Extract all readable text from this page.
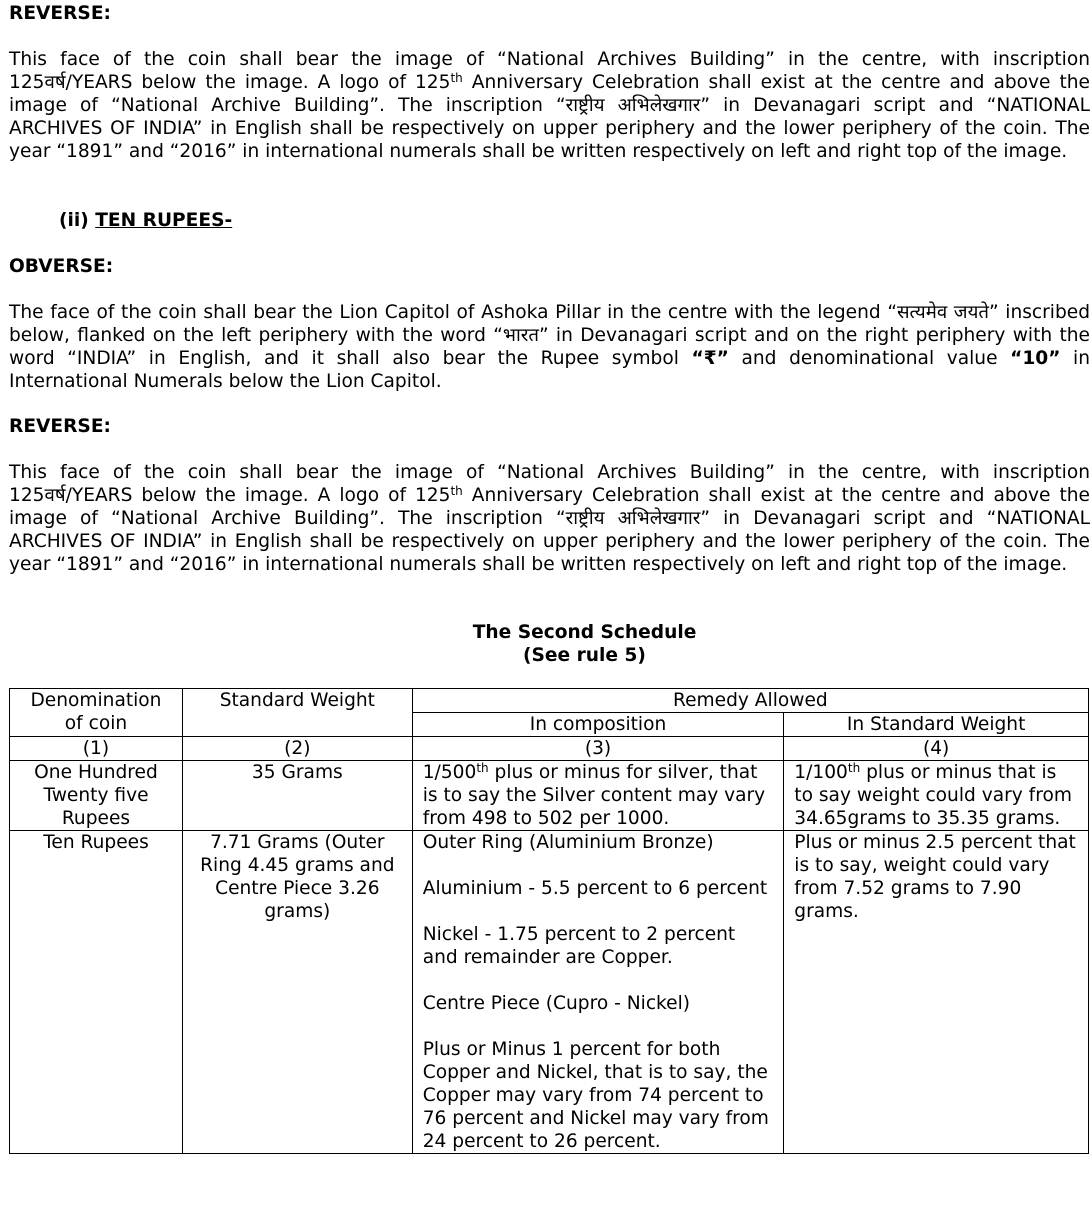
REVERSE:

This face of the coin shall bear the image of “National Archives Building” in the centre, with inscription 125वर्ष/YEARS below the image. A logo of 125th Anniversary Celebration shall exist at the centre and above the image of “National Archive Building”. The inscription “राष्ट्रीय अभिलेखगार” in Devanagari script and “NATIONAL ARCHIVES OF INDIA” in English shall be respectively on upper periphery and the lower periphery of the coin. The year “1891” and “2016” in international numerals shall be written respectively on left and right top of the image.

(ii) TEN RUPEES-

OBVERSE:

The face of the coin shall bear the Lion Capitol of Ashoka Pillar in the centre with the legend “सत्यमेव जयते” inscribed below, flanked on the left periphery with the word “भारत” in Devanagari script and on the right periphery with the word “INDIA” in English, and it shall also bear the Rupee symbol “₹” and denominational value “10” in International Numerals below the Lion Capitol.

REVERSE:

This face of the coin shall bear the image of “National Archives Building” in the centre, with inscription 125वर्ष/YEARS below the image. A logo of 125th Anniversary Celebration shall exist at the centre and above the image of “National Archive Building”. The inscription “राष्ट्रीय अभिलेखगार” in Devanagari script and “NATIONAL ARCHIVES OF INDIA” in English shall be respectively on upper periphery and the lower periphery of the coin. The year “1891” and “2016” in international numerals shall be written respectively on left and right top of the image.

The Second Schedule

(See rule 5)

Denomination of coin	Standard Weight	Remedy Allowed	
		In composition	In Standard Weight
(1)	(2)	(3)	(4)
One Hundred Twenty five Rupees	35 Grams	1/500th plus or minus for silver, that is to say the Silver content may vary from 498 to 502 per 1000.	1/100th plus or minus that is to say weight could vary from 34.65grams to 35.35 grams.
Ten Rupees	7.71 Grams (Outer Ring 4.45 grams and Centre Piece 3.26 grams)	Outer Ring (Aluminium Bronze)

Aluminium - 5.5 percent to 6 percent

Nickel - 1.75 percent to 2 percent and remainder are Copper.

Centre Piece (Cupro - Nickel)

Plus or Minus 1 percent for both Copper and Nickel, that is to say, the Copper may vary from 74 percent to 76 percent and Nickel may vary from 24 percent to 26 percent.	Plus or minus 2.5 percent that is to say, weight could vary from 7.52 grams to 7.90 grams.
